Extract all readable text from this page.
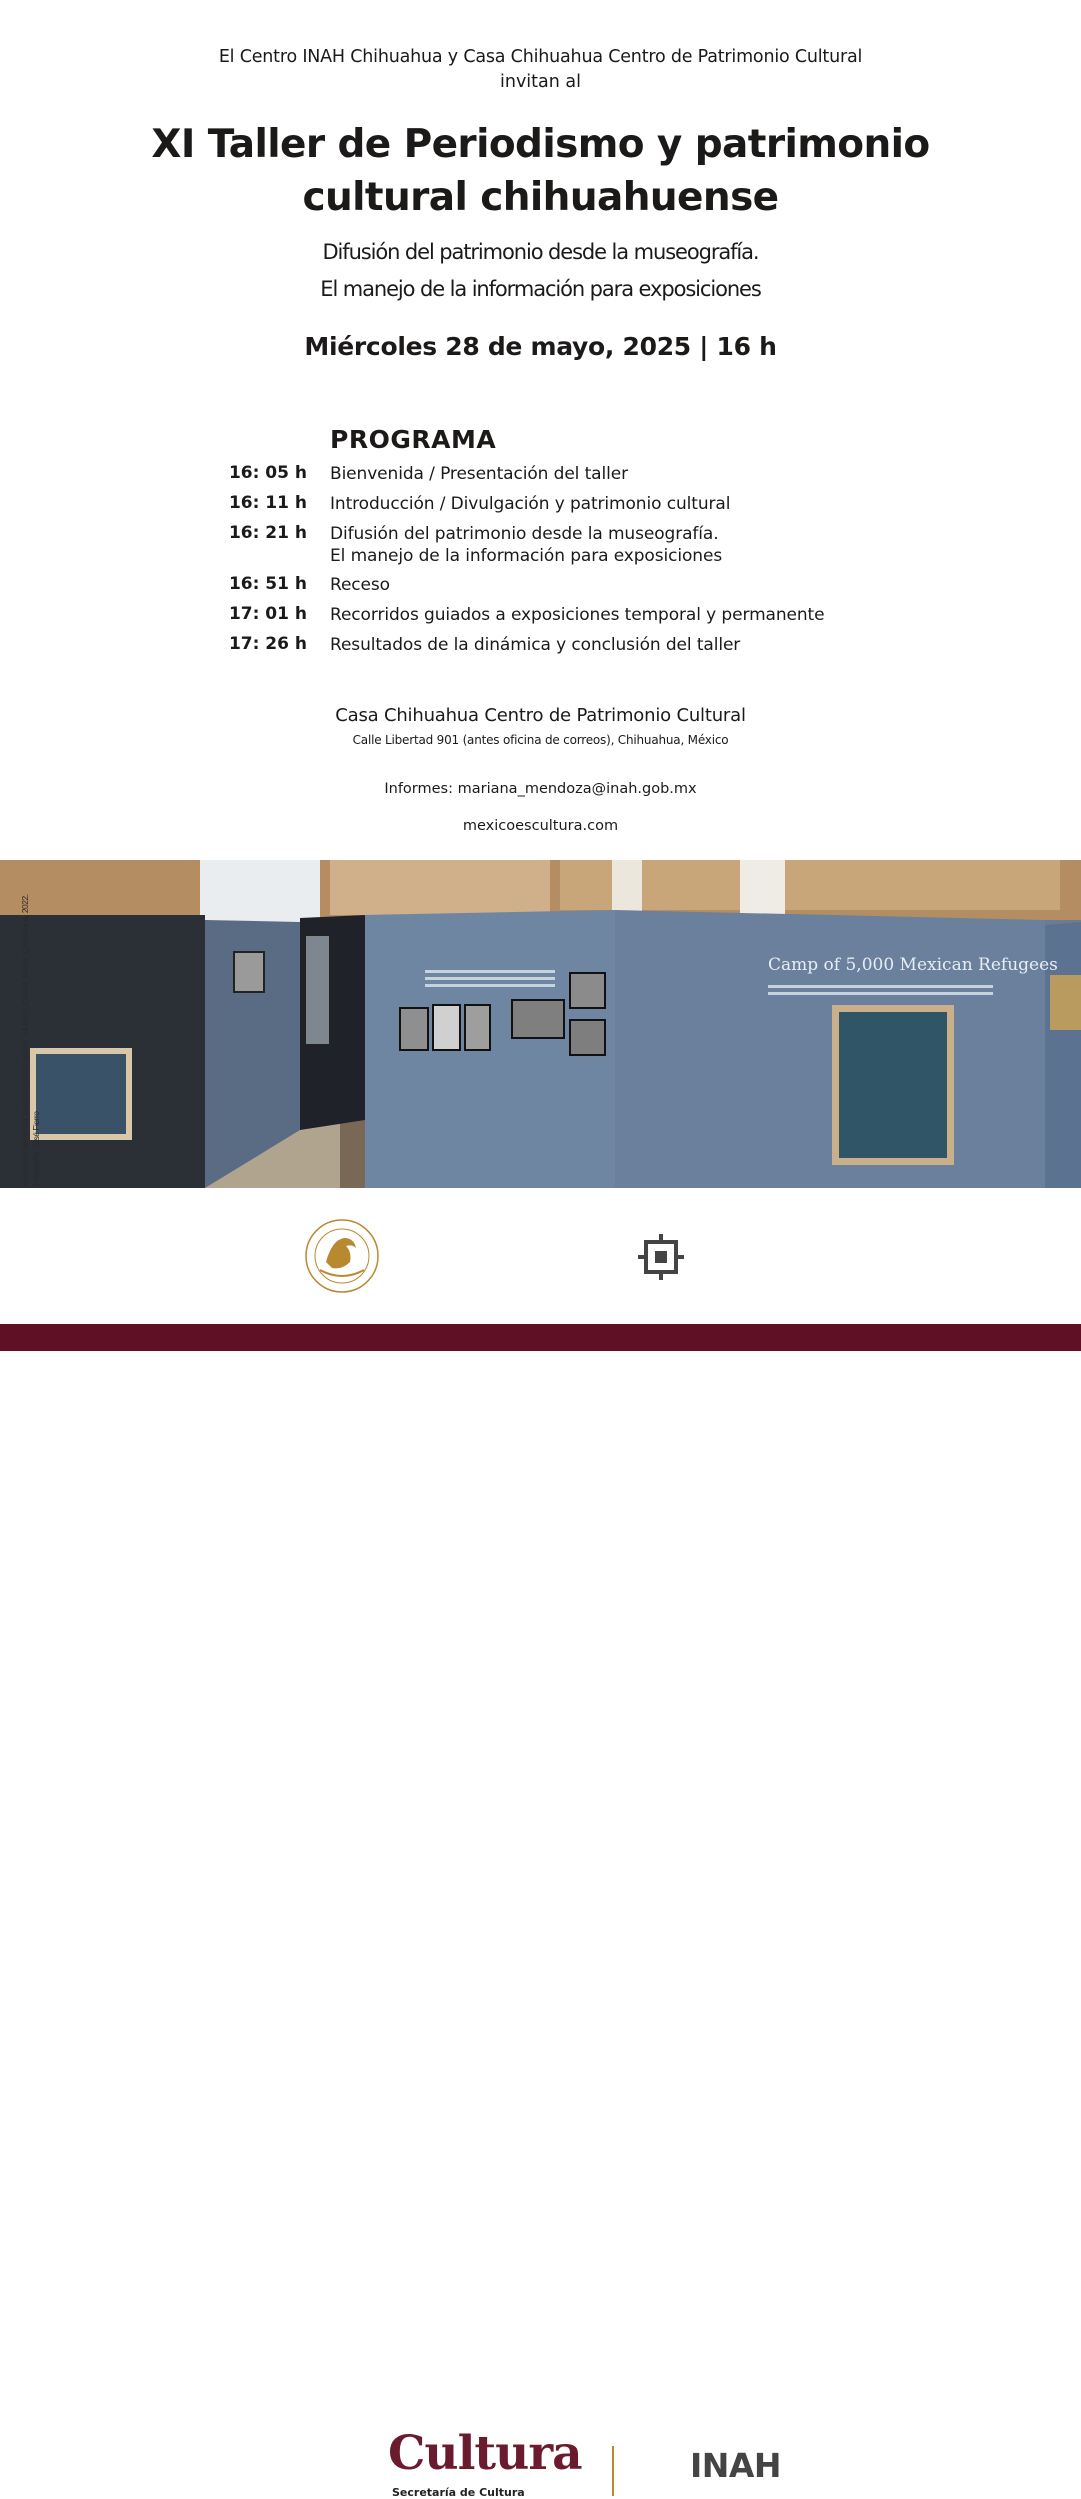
El Centro INAH Chihuahua y Casa Chihuahua Centro de Patrimonio Cultural
invitan al
XI Taller de Periodismo y patrimonio
cultural chihuahuense
Difusión del patrimonio desde la museografía.
El manejo de la información para exposiciones
Miércoles 28 de mayo, 2025 | 16 h
PROGRAMA
16: 05 h Bienvenida / Presentación del taller
16: 11 h Introducción / Divulgación y patrimonio cultural
16: 21 h Difusión del patrimonio desde la museografía.
El manejo de la información para exposiciones
16: 51 h Receso
17: 01 h Recorridos guiados a exposiciones temporal y permanente
17: 26 h Resultados de la dinámica y conclusión del taller
Casa Chihuahua Centro de Patrimonio Cultural
Calle Libertad 901 (antes oficina de correos), Chihuahua, México
Informes: mariana_mendoza@inah.gob.mx
mexicoescultura.com
Camp of 5,000 Mexican Refugees
Exposición temporal: Las imágenes fugitivas. MUREF, Ciudad Juárez, Chihuahua, 2022. Fotografía: José Fierro
Cultura
Secretaría de Cultura
INAH
